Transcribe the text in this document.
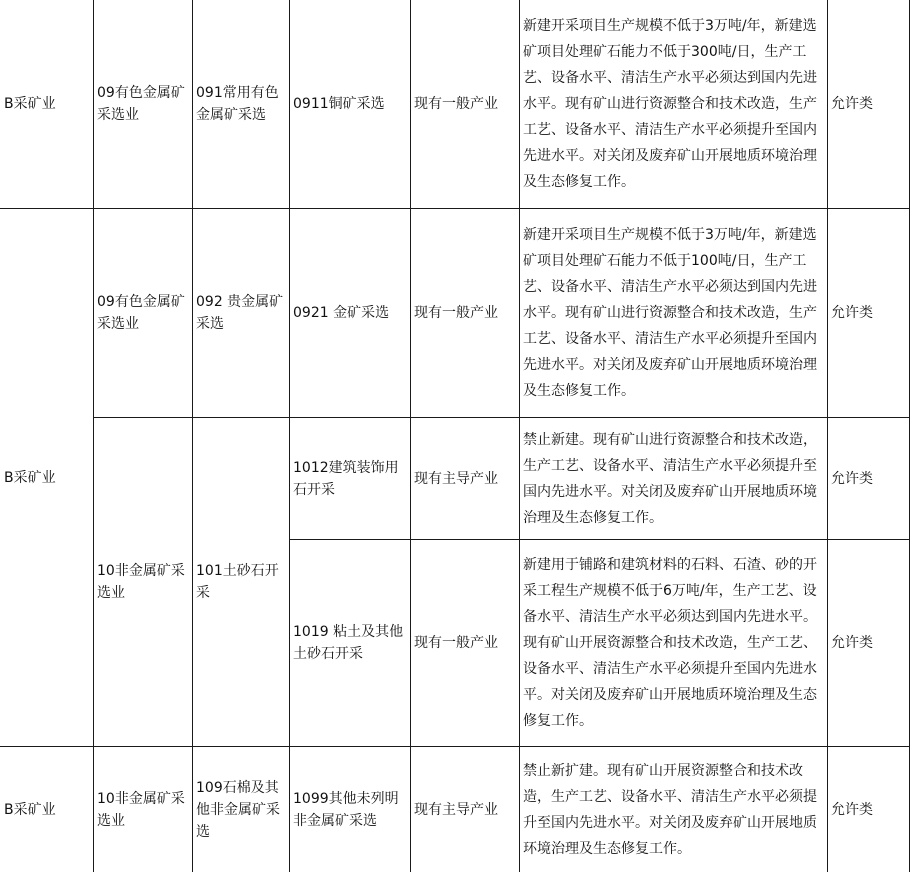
B采矿业
09有色金属矿采选业
091常用有色金属矿采选
0911铜矿采选 现有一般产业
新建开采项目生产规模不低于3万吨/年，新建选矿项目处理矿石能力不低于300吨/日，生产工艺、设备水平、清洁生产水平必须达到国内先进水平。现有矿山进行资源整合和技术改造，生产工艺、设备水平、清洁生产水平必须提升至国内先进水平。对关闭及废弃矿山开展地质环境治理及生态修复工作。
允许类
B采矿业
09有色金属矿采选业
092 贵金属矿采选
0921 金矿采选 现有一般产业
新建开采项目生产规模不低于3万吨/年，新建选矿项目处理矿石能力不低于100吨/日，生产工艺、设备水平、清洁生产水平必须达到国内先进水平。现有矿山进行资源整合和技术改造，生产工艺、设备水平、清洁生产水平必须提升至国内先进水平。对关闭及废弃矿山开展地质环境治理及生态修复工作。
允许类
10非金属矿采选业
101土砂石开采
1012建筑装饰用石开采
现有主导产业
禁止新建。现有矿山进行资源整合和技术改造，生产工艺、设备水平、清洁生产水平必须提升至国内先进水平。对关闭及废弃矿山开展地质环境治理及生态修复工作。
允许类
1019 粘土及其他土砂石开采
现有一般产业
新建用于铺路和建筑材料的石料、石渣、砂的开采工程生产规模不低于6万吨/年，生产工艺、设备水平、清洁生产水平必须达到国内先进水平。现有矿山开展资源整合和技术改造，生产工艺、设备水平、清洁生产水平必须提升至国内先进水平。对关闭及废弃矿山开展地质环境治理及生态修复工作。
允许类
B采矿业
10非金属矿采选业
109石棉及其他非金属矿采选
1099其他未列明非金属矿采选
现有主导产业
禁止新扩建。现有矿山开展资源整合和技术改造，生产工艺、设备水平、清洁生产水平必须提升至国内先进水平。对关闭及废弃矿山开展地质环境治理及生态修复工作。
允许类
